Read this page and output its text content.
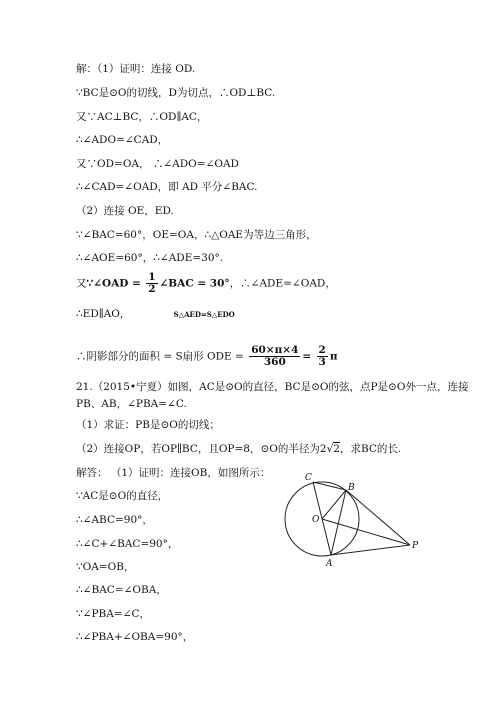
解：（1）证明：连接 OD.
∵BC是⊙O的切线，D为切点，∴OD⊥BC.
又∵AC⊥BC，∴OD∥AC，
∴∠ADO=∠CAD，
又∵OD=OA， ∴∠ADO=∠OAD
∴∠CAD=∠OAD，即 AD 平分∠BAC.
（2）连接 OE，ED.
∵∠BAC=60°，OE=OA，∴△OAE为等边三角形，
∴∠AOE=60°，∴∠ADE=30°.
又∵∠OAD = $\frac{1}{2}$ ∠BAC = 30°，∴∠ADE=∠OAD，
∴ED∥AO，	S△AED=S△EDO
∴阴影部分的面积 = S扇形 ODE = $\frac{60\times\pi\times 4}{360} = \frac{2}{3}$ π
21.（2015•宁夏）如图，AC是⊙O的直径，BC是⊙O的弦，点P是⊙O外一点，连接
PB、AB，∠PBA=∠C.
（1）求证：PB是⊙O的切线；
（2）连接OP，若OP∥BC，且OP=8，⊙O的半径为2√2，求BC的长.
解答： （1）证明：连接OB，如图所示：
∵AC是⊙O的直径，
∴∠ABC=90°，
∴∠C+∠BAC=90°，
∵OA=OB，
∴∠BAC=∠OBA，
∵∠PBA=∠C，
∴∠PBA+∠OBA=90°，
C
B
O
A
P
